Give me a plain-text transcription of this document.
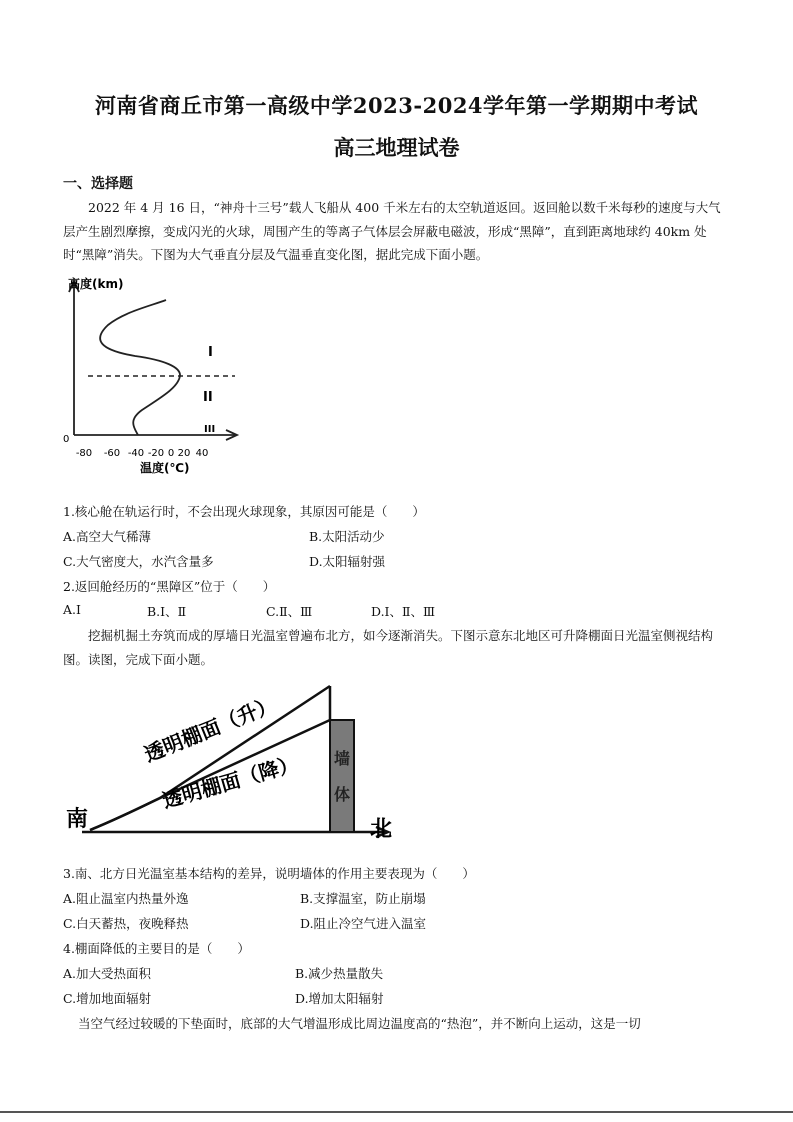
河南省商丘市第一高级中学2023-2024学年第一学期期中考试
高三地理试卷
一、选择题
2022 年 4 月 16 日，“神舟十三号”载人飞船从 400 千米左右的太空轨道返回。返回舱以数千米每秒的速度与大气层产生剧烈摩擦，变成闪光的火球，周围产生的等离子气体层会屏蔽电磁波，形成“黑障”，直到距离地球约 40km 处时“黑障”消失。下图为大气垂直分层及气温垂直变化图，据此完成下面小题。
高度(km)
0
-80 -60 -40 -20 0 20 40
温度(℃)
I
II
III
1.核心舱在轨运行时，不会出现火球现象，其原因可能是（　　）
A.高空大气稀薄	B.太阳活动少
C.大气密度大，水汽含量多	D.太阳辐射强
2.返回舱经历的“黑障区”位于（　　）
A.Ⅰ	B.Ⅰ、Ⅱ	C.Ⅱ、Ⅲ	D.Ⅰ、Ⅱ、Ⅲ
挖掘机掘土夯筑而成的厚墙日光温室曾遍布北方，如今逐渐消失。下图示意东北地区可升降棚面日光温室侧视结构图。读图，完成下面小题。
透明棚面（升）
透明棚面（降） 墙
体
南	北
3.南、北方日光温室基本结构的差异，说明墙体的作用主要表现为（　　）
A.阻止温室内热量外逸	B.支撑温室，防止崩塌
C.白天蓄热，夜晚释热	D.阻止冷空气进入温室
4.棚面降低的主要目的是（　　）
A.加大受热面积	B.减少热量散失
C.增加地面辐射	D.增加太阳辐射
当空气经过较暖的下垫面时，底部的大气增温形成比周边温度高的“热泡”，并不断向上运动，这是一切
